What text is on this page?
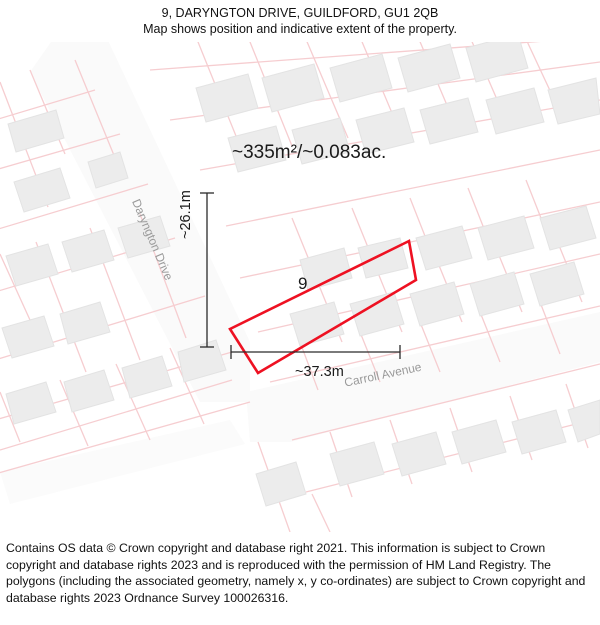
9, DARYNGTON DRIVE, GUILDFORD, GU1 2QB
Map shows position and indicative extent of the property.
~335m²/~0.083ac.
9
~37.3m
~26.1m
Daryngton Drive
Carroll Avenue
Contains OS data © Crown copyright and database right 2021. This information is subject to Crown copyright and database rights 2023 and is reproduced with the permission of HM Land Registry. The polygons (including the associated geometry, namely x, y co-ordinates) are subject to Crown copyright and database rights 2023 Ordnance Survey 100026316.
